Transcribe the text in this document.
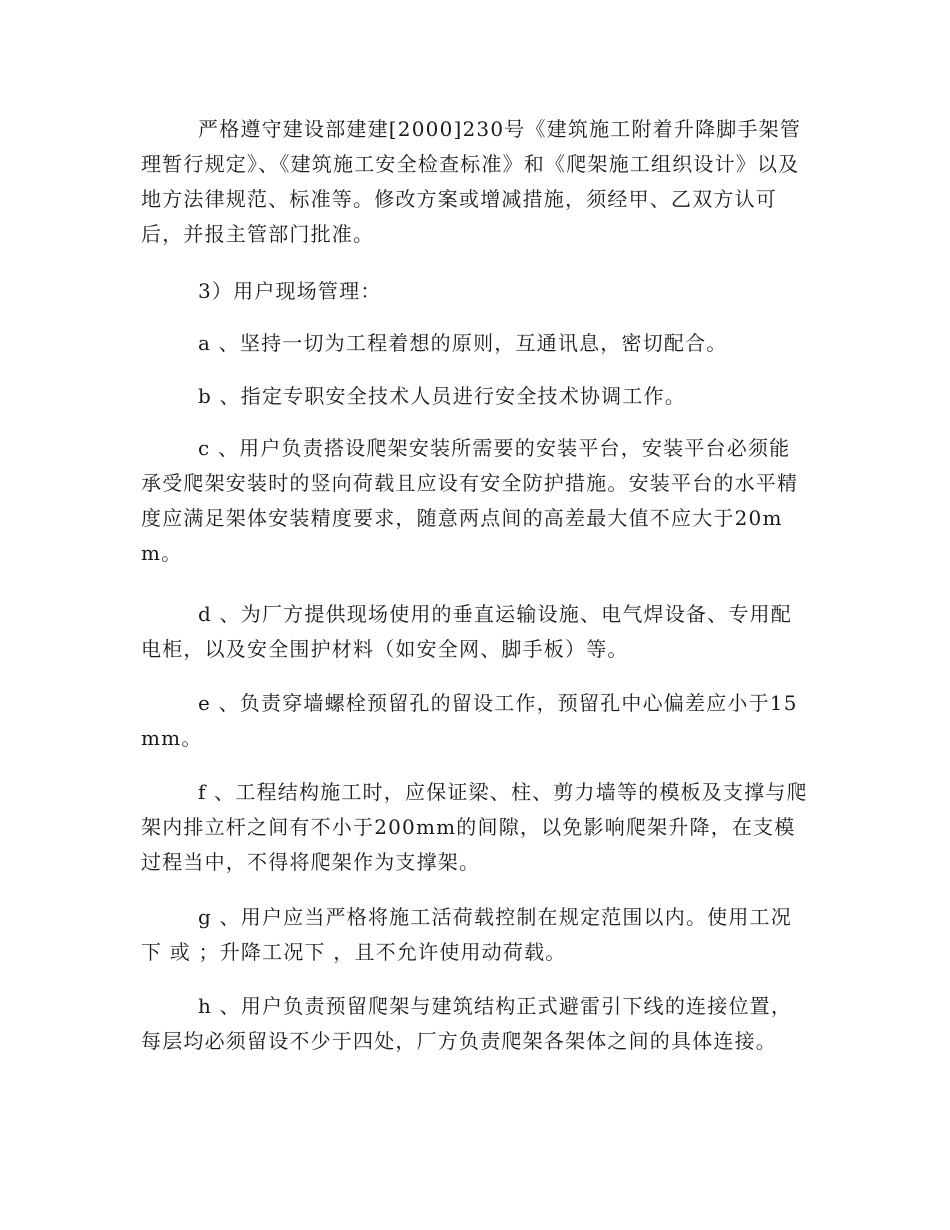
严格遵守建设部建建[2000]230号《建筑施工附着升降脚手架管理暂行规定》、《建筑施工安全检查标准》和《爬架施工组织设计》以及地方法律规范、标准等。修改方案或增减措施，须经甲、乙双方认可后，并报主管部门批准。

3）用户现场管理：

a 、坚持一切为工程着想的原则，互通讯息，密切配合。

b 、指定专职安全技术人员进行安全技术协调工作。

c 、用户负责搭设爬架安装所需要的安装平台，安装平台必须能承受爬架安装时的竖向荷载且应设有安全防护措施。安装平台的水平精度应满足架体安装精度要求，随意两点间的高差最大值不应大于20mm。

d 、为厂方提供现场使用的垂直运输设施、电气焊设备、专用配电柜，以及安全围护材料（如安全网、脚手板）等。

e 、负责穿墙螺栓预留孔的留设工作，预留孔中心偏差应小于15mm。

f 、工程结构施工时，应保证梁、柱、剪力墙等的模板及支撑与爬架内排立杆之间有不小于200mm的间隙，以免影响爬架升降，在支模过程当中，不得将爬架作为支撑架。

g 、用户应当严格将施工活荷载控制在规定范围以内。使用工况下 或 ；升降工况下 ，且不允许使用动荷载。

h 、用户负责预留爬架与建筑结构正式避雷引下线的连接位置，每层均必须留设不少于四处，厂方负责爬架各架体之间的具体连接。
